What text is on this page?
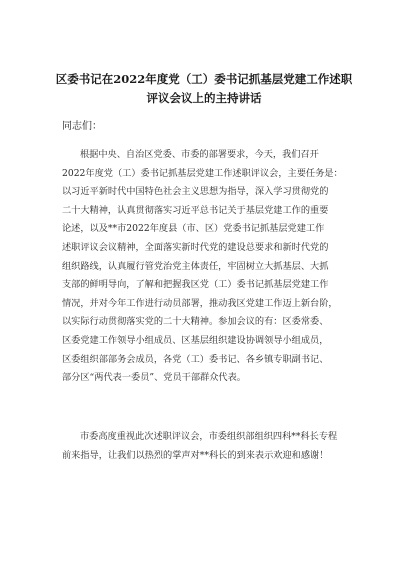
区委书记在2022年度党（工）委书记抓基层党建工作述职
评议会议上的主持讲话
同志们：
根据中央、自治区党委、市委的部署要求，今天，我们召开
2022年度党（工）委书记抓基层党建工作述职评议会，主要任务是：
以习近平新时代中国特色社会主义思想为指导，深入学习贯彻党的
二十大精神，认真贯彻落实习近平总书记关于基层党建工作的重要
论述，以及**市2022年度县（市、区）党委书记抓基层党建工作
述职评议会议精神，全面落实新时代党的建设总要求和新时代党的
组织路线，认真履行管党治党主体责任，牢固树立大抓基层、大抓
支部的鲜明导向，了解和把握我区党（工）委书记抓基层党建工作
情况，并对今年工作进行动员部署，推动我区党建工作迈上新台阶，
以实际行动贯彻落实党的二十大精神。参加会议的有：区委常委、
区委党建工作领导小组成员、区基层组织建设协调领导小组成员，
区委组织部部务会成员，各党（工）委书记、各乡镇专职副书记、
部分区“两代表一委员”、党员干部群众代表。
市委高度重视此次述职评议会，市委组织部组织四科**科长专程
前来指导，让我们以热烈的掌声对**科长的到来表示欢迎和感谢！
